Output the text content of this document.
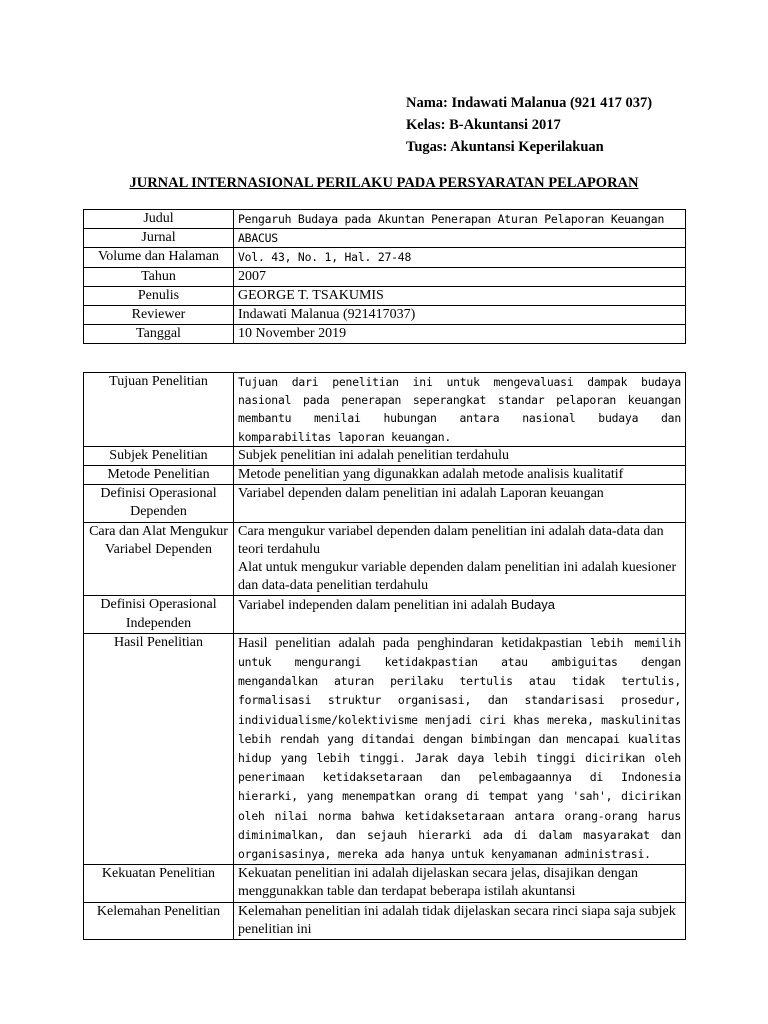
Nama: Indawati Malanua (921 417 037)
Kelas: B-Akuntansi 2017
Tugas: Akuntansi Keperilakuan
JURNAL INTERNASIONAL PERILAKU PADA PERSYARATAN PELAPORAN
Judul	Pengaruh Budaya pada Akuntan Penerapan Aturan Pelaporan Keuangan
Jurnal	ABACUS
Volume dan Halaman	Vol. 43, No. 1, Hal. 27-48
Tahun	2007
Penulis	GEORGE T. TSAKUMIS
Reviewer	Indawati Malanua (921417037)
Tanggal	10 November 2019
Tujuan Penelitian	Tujuan dari penelitian ini untuk mengevaluasi dampak budaya nasional pada penerapan seperangkat standar pelaporan keuangan membantu menilai hubungan antara nasional budaya dan komparabilitas laporan keuangan.
Subjek Penelitian	Subjek penelitian ini adalah penelitian terdahulu
Metode Penelitian	Metode penelitian yang digunakkan adalah metode analisis kualitatif
Definisi Operasional Dependen	Variabel dependen dalam penelitian ini adalah Laporan keuangan
Cara dan Alat Mengukur Variabel Dependen	Cara mengukur variabel dependen dalam penelitian ini adalah data-data dan teori terdahulu
Alat untuk mengukur variable dependen dalam penelitian ini adalah kuesioner dan data-data penelitian terdahulu

Definisi Operasional Independen	Variabel independen dalam penelitian ini adalah Budaya
Hasil Penelitian	Hasil penelitian adalah pada penghindaran ketidakpastian lebih memilih untuk mengurangi ketidakpastian atau ambiguitas dengan mengandalkan aturan perilaku tertulis atau tidak tertulis, formalisasi struktur organisasi, dan standarisasi prosedur, individualisme/kolektivisme menjadi ciri khas mereka, maskulinitas lebih rendah yang ditandai dengan bimbingan dan mencapai kualitas hidup yang lebih tinggi. Jarak daya lebih tinggi dicirikan oleh penerimaan ketidaksetaraan dan pelembagaannya di Indonesia hierarki, yang menempatkan orang di tempat yang 'sah', dicirikan oleh nilai norma bahwa ketidaksetaraan antara orang-orang harus diminimalkan, dan sejauh hierarki ada di dalam masyarakat dan organisasinya, mereka ada hanya untuk kenyamanan administrasi.
Kekuatan Penelitian	Kekuatan penelitian ini adalah dijelaskan secara jelas, disajikan dengan menggunakkan table dan terdapat beberapa istilah akuntansi
Kelemahan Penelitian	Kelemahan penelitian ini adalah tidak dijelaskan secara rinci siapa saja subjek penelitian ini
